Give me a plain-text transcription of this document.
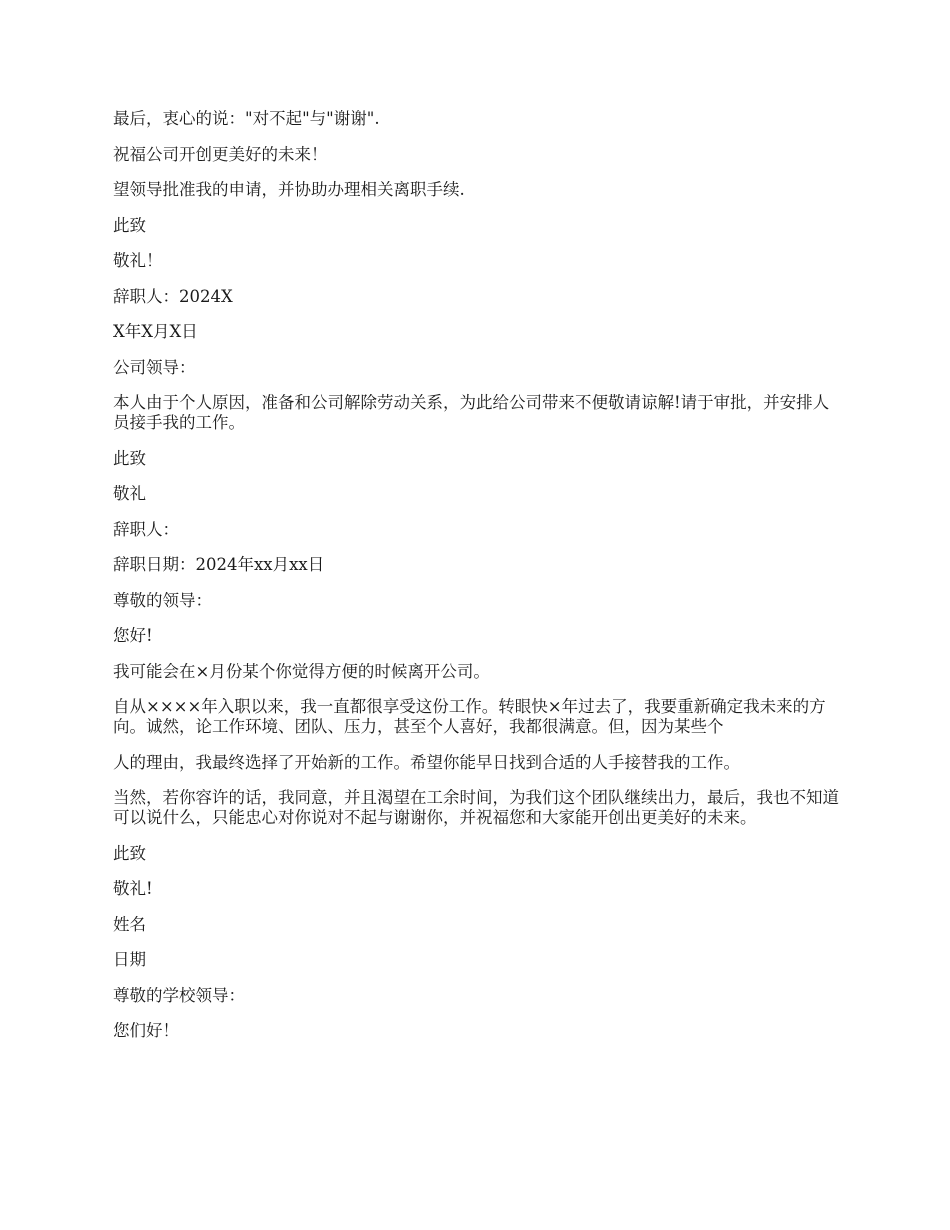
最后，衷心的说："对不起"与"谢谢".

祝福公司开创更美好的未来！

望领导批准我的申请，并协助办理相关离职手续.

此致

敬礼！

辞职人：2024X

X年X月X日

公司领导：

本人由于个人原因，准备和公司解除劳动关系，为此给公司带来不便敬请谅解!请于审批，并安排人员接手我的工作。

此致

敬礼

辞职人：

辞职日期：2024年xx月xx日

尊敬的领导：

您好!

我可能会在×月份某个你觉得方便的时候离开公司。

自从××××年入职以来，我一直都很享受这份工作。转眼快×年过去了，我要重新确定我未来的方向。诚然，论工作环境、团队、压力，甚至个人喜好，我都很满意。但，因为某些个

人的理由，我最终选择了开始新的工作。希望你能早日找到合适的人手接替我的工作。

当然，若你容许的话，我同意，并且渴望在工余时间，为我们这个团队继续出力，最后，我也不知道可以说什么，只能忠心对你说对不起与谢谢你，并祝福您和大家能开创出更美好的未来。

此致

敬礼!

姓名

日期

尊敬的学校领导：

您们好！
